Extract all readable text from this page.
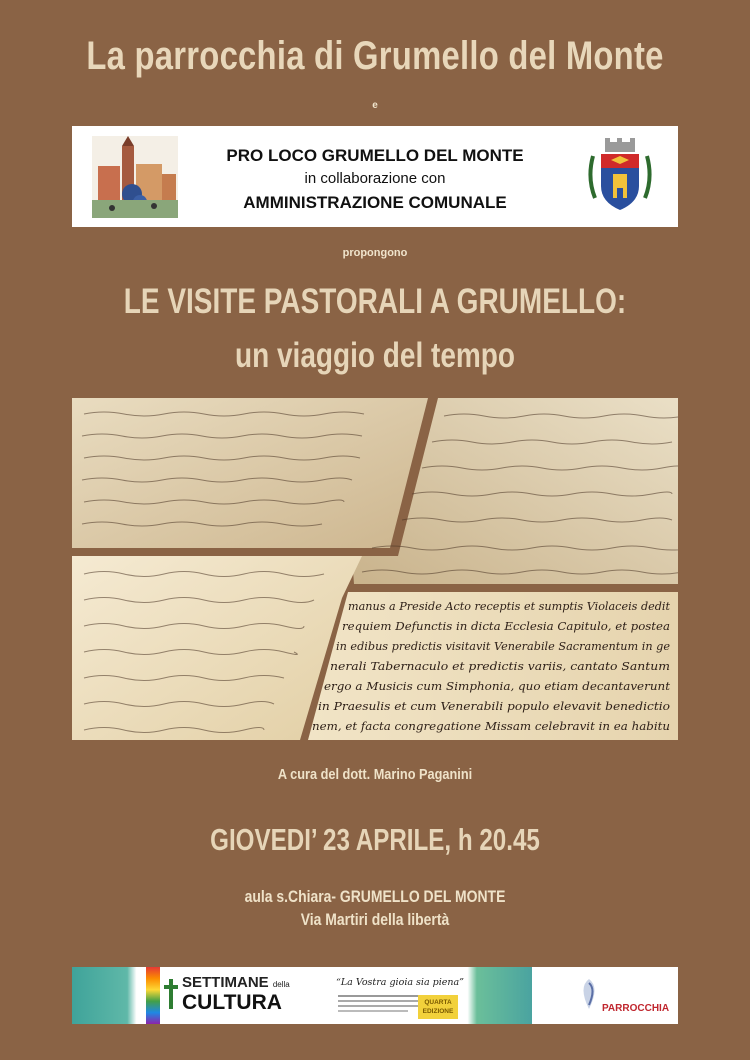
La parrocchia di Grumello del Monte
e
PRO LOCO GRUMELLO DEL MONTE
in collaborazione con
AMMINISTRAZIONE COMUNALE
propongono
LE VISITE PASTORALI A GRUMELLO:
un viaggio del tempo
manus a Preside Acto receptis et sumptis Violaceis dedit
requiem Defunctis in dicta Ecclesia Capitulo, et postea
in edibus predictis visitavit Venerabile Sacramentum in ge
nerali Tabernaculo et predictis variis, cantato Santum
ergo a Musicis cum Simphonia, quo etiam decantaverunt
in Praesulis et cum Venerabili populo elevavit benedictio
nem, et facta congregatione Missam celebravit in ea habitu
A cura del dott. Marino Paganini
GIOVEDI’ 23 APRILE, h 20.45
aula s.Chiara- GRUMELLO DEL MONTE
Via Martiri della libertà
SETTIMANE della
CULTURA
“La Vostra gioia sia piena”
QUARTA
EDIZIONE	PARROCCHIA
